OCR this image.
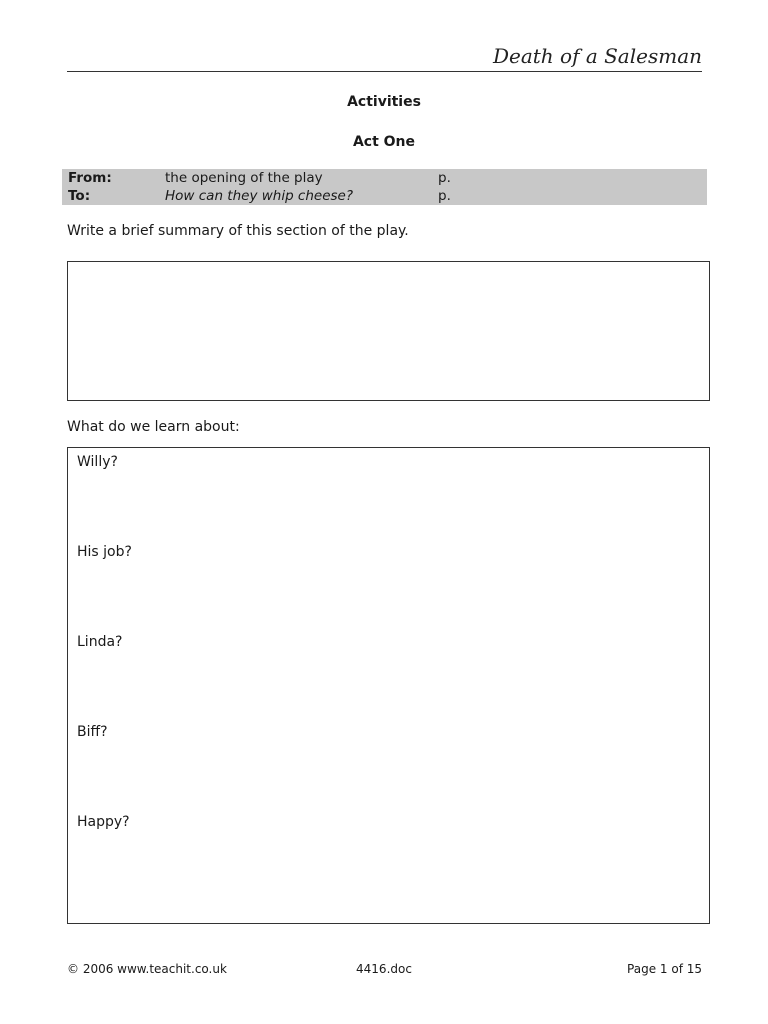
Death of a Salesman
Activities
Act One
From:	the opening of the play	p.
To:	How can they whip cheese?	p.
Write a brief summary of this section of the play.
What do we learn about:
Willy?
His job?
Linda?
Biff?
Happy?
© 2006 www.teachit.co.uk	4416.doc	Page 1 of 15
